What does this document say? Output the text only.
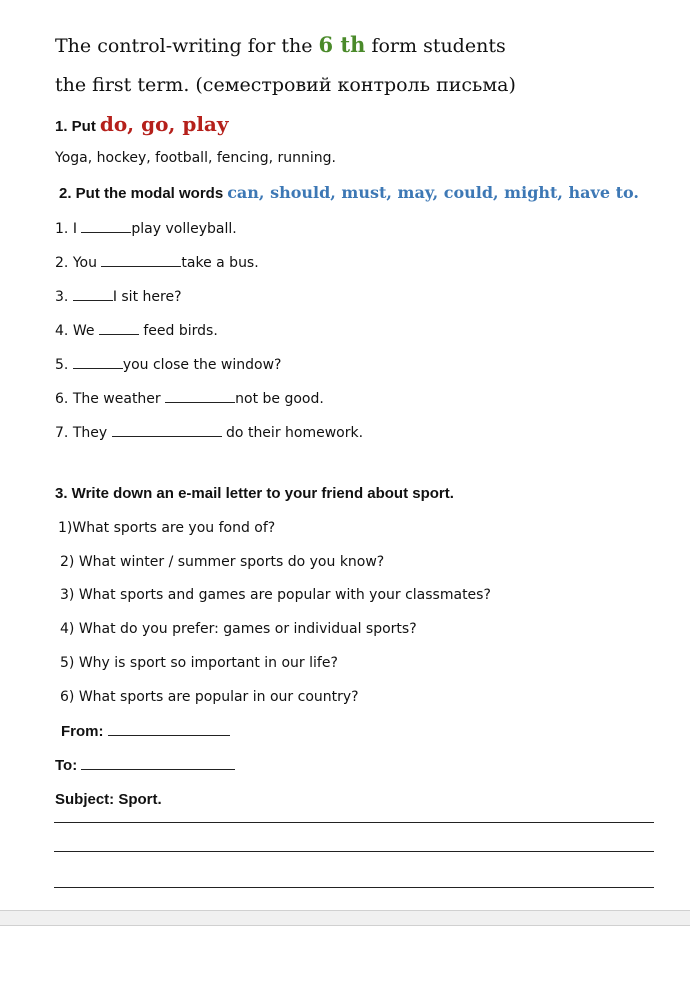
The control-writing for the 6 th form students
the first term. (семестровий контроль письма)
1. Put do, go, play
Yoga, hockey, football, fencing, running.
2. Put the modal words can, should, must, may, could, might, have to.
1. I	play volleyball.
2. You	take a bus.
3.	I sit here?
4. We	feed birds.
5.	you close the window?
6. The weather	not be good.
7. They	do their homework.
3. Write down an e-mail letter to your friend about sport.
1)What sports are you fond of?
2) What winter / summer sports do you know?
3) What sports and games are popular with your classmates?
4) What do you prefer: games or individual sports?
5) Why is sport so important in our life?
6) What sports are popular in our country?
From:
To:
Subject: Sport.
